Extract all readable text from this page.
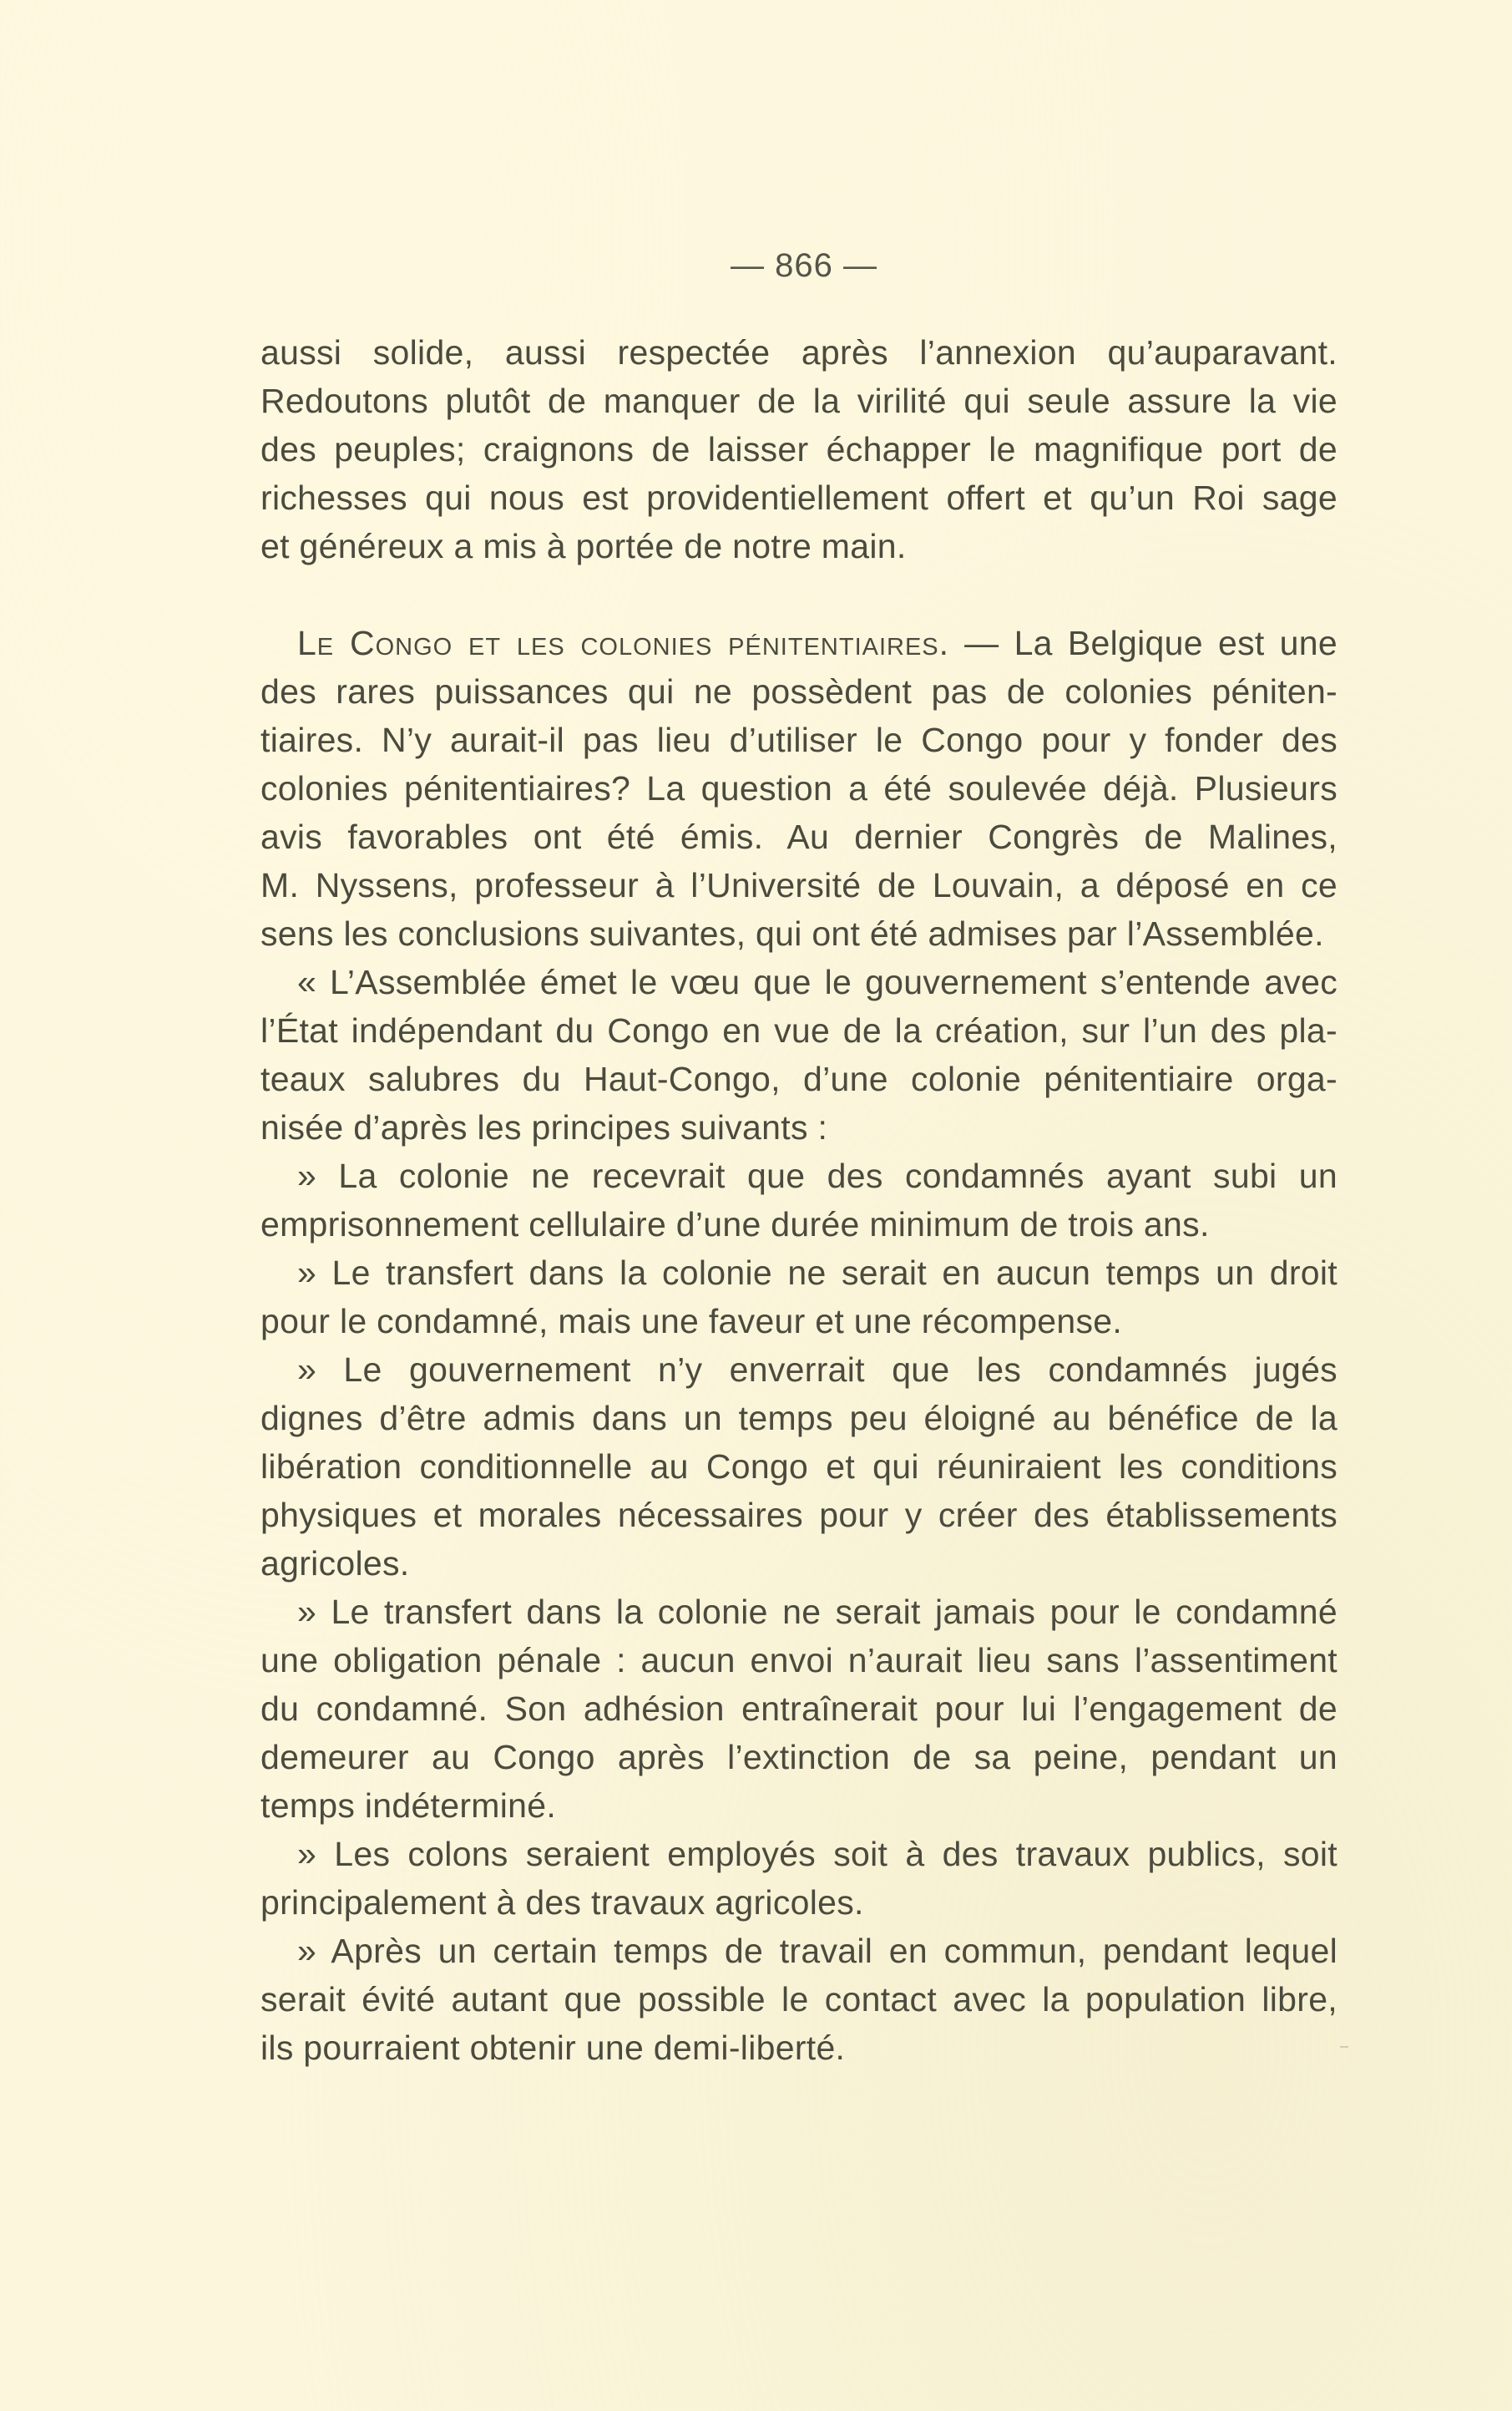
— 866 —
aussi solide, aussi respectée après l’annexion qu’auparavant.
Redoutons plutôt de manquer de la virilité qui seule assure la vie
des peuples; craignons de laisser échapper le magnifique port de
richesses qui nous est providentiellement offert et qu’un Roi sage
et généreux a mis à portée de notre main.
Le Congo et les colonies pénitentiaires. — La Belgique est une
des rares puissances qui ne possèdent pas de colonies péniten-
tiaires. N’y aurait-il pas lieu d’utiliser le Congo pour y fonder des
colonies pénitentiaires? La question a été soulevée déjà. Plusieurs
avis favorables ont été émis. Au dernier Congrès de Malines,
M. Nyssens, professeur à l’Université de Louvain, a déposé en ce
sens les conclusions suivantes, qui ont été admises par l’Assemblée.
« L’Assemblée émet le vœu que le gouvernement s’entende avec
l’État indépendant du Congo en vue de la création, sur l’un des pla-
teaux salubres du Haut-Congo, d’une colonie pénitentiaire orga-
nisée d’après les principes suivants :
» La colonie ne recevrait que des condamnés ayant subi un
emprisonnement cellulaire d’une durée minimum de trois ans.
» Le transfert dans la colonie ne serait en aucun temps un droit
pour le condamné, mais une faveur et une récompense.
» Le gouvernement n’y enverrait que les condamnés jugés
dignes d’être admis dans un temps peu éloigné au bénéfice de la
libération conditionnelle au Congo et qui réuniraient les conditions
physiques et morales nécessaires pour y créer des établissements
agricoles.
» Le transfert dans la colonie ne serait jamais pour le condamné
une obligation pénale : aucun envoi n’aurait lieu sans l’assentiment
du condamné. Son adhésion entraînerait pour lui l’engagement de
demeurer au Congo après l’extinction de sa peine, pendant un
temps indéterminé.
» Les colons seraient employés soit à des travaux publics, soit
principalement à des travaux agricoles.
» Après un certain temps de travail en commun, pendant lequel
serait évité autant que possible le contact avec la population libre,
ils pourraient obtenir une demi-liberté.
